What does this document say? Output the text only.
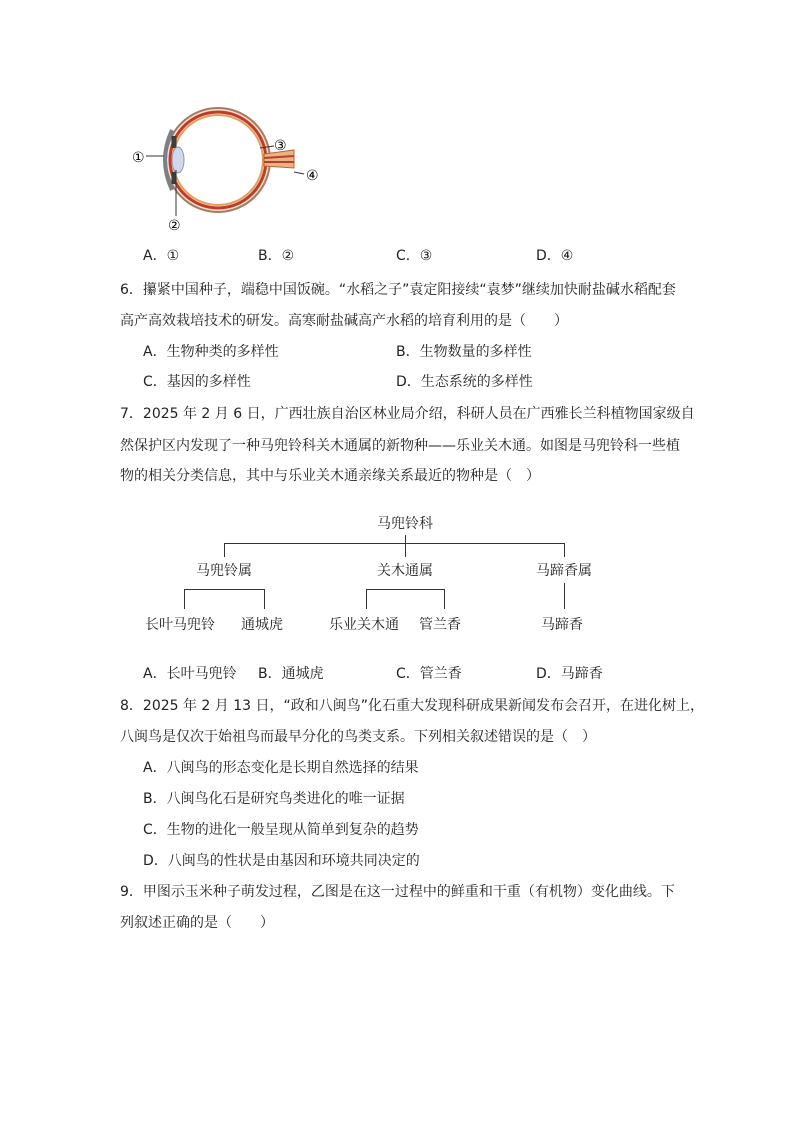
①
②
③
④
A．①	B．②	C．③	D．④
6．攥紧中国种子，端稳中国饭碗。“水稻之子”袁定阳接续“袁梦”继续加快耐盐碱水稻配套
高产高效栽培技术的研发。高寒耐盐碱高产水稻的培育利用的是（　　）
A．生物种类的多样性	B．生物数量的多样性
C．基因的多样性	D．生态系统的多样性
7．2025 年 2 月 6 日，广西壮族自治区林业局介绍，科研人员在广西雅长兰科植物国家级自
然保护区内发现了一种马兜铃科关木通属的新物种——乐业关木通。如图是马兜铃科一些植
物的相关分类信息，其中与乐业关木通亲缘关系最近的物种是（　）
马兜铃科
马兜铃属	关木通属	马蹄香属
长叶马兜铃 通城虎	乐业关木通 管兰香	马蹄香
A．长叶马兜铃 B．通城虎	C．管兰香	D．马蹄香
8．2025 年 2 月 13 日，“政和八闽鸟”化石重大发现科研成果新闻发布会召开，在进化树上，
八闽鸟是仅次于始祖鸟而最早分化的鸟类支系。下列相关叙述错误的是（　）
A．八闽鸟的形态变化是长期自然选择的结果
B．八闽鸟化石是研究鸟类进化的唯一证据
C．生物的进化一般呈现从简单到复杂的趋势
D．八闽鸟的性状是由基因和环境共同决定的
9．甲图示玉米种子萌发过程，乙图是在这一过程中的鲜重和干重（有机物）变化曲线。下
列叙述正确的是（　　）
